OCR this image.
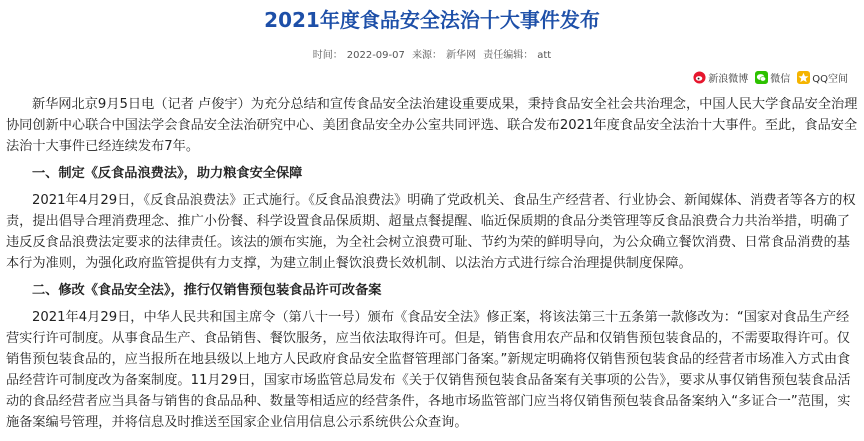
2021年度食品安全法治十大事件发布
时间： 2022-09-07 来源： 新华网 责任编辑： att
新浪微博 微信 QQ空间

新华网北京9月5日电（记者 卢俊宇）为充分总结和宣传食品安全法治建设重要成果，秉持食品安全社会共治理念，中国人民大学食品安全治理协同创新中心联合中国法学会食品安全法治研究中心、美团食品安全办公室共同评选、联合发布2021年度食品安全法治十大事件。至此，食品安全法治十大事件已经连续发布7年。

一、制定《反食品浪费法》，助力粮食安全保障

2021年4月29日，《反食品浪费法》正式施行。《反食品浪费法》明确了党政机关、食品生产经营者、行业协会、新闻媒体、消费者等各方的权责，提出倡导合理消费理念、推广小份餐、科学设置食品保质期、超量点餐提醒、临近保质期的食品分类管理等反食品浪费合力共治举措，明确了违反反食品浪费法定要求的法律责任。该法的颁布实施，为全社会树立浪费可耻、节约为荣的鲜明导向，为公众确立餐饮消费、日常食品消费的基本行为准则，为强化政府监管提供有力支撑，为建立制止餐饮浪费长效机制、以法治方式进行综合治理提供制度保障。

二、修改《食品安全法》，推行仅销售预包装食品许可改备案

2021年4月29日，中华人民共和国主席令（第八十一号）颁布《食品安全法》修正案，将该法第三十五条第一款修改为：“国家对食品生产经营实行许可制度。从事食品生产、食品销售、餐饮服务，应当依法取得许可。但是，销售食用农产品和仅销售预包装食品的，不需要取得许可。仅销售预包装食品的，应当报所在地县级以上地方人民政府食品安全监督管理部门备案。”新规定明确将仅销售预包装食品的经营者市场准入方式由食品经营许可制度改为备案制度。11月29日，国家市场监管总局发布《关于仅销售预包装食品备案有关事项的公告》，要求从事仅销售预包装食品活动的食品经营者应当具备与销售的食品品种、数量等相适应的经营条件，各地市场监管部门应当将仅销售预包装食品备案纳入“多证合一”范围，实施备案编号管理，并将信息及时推送至国家企业信用信息公示系统供公众查询。
